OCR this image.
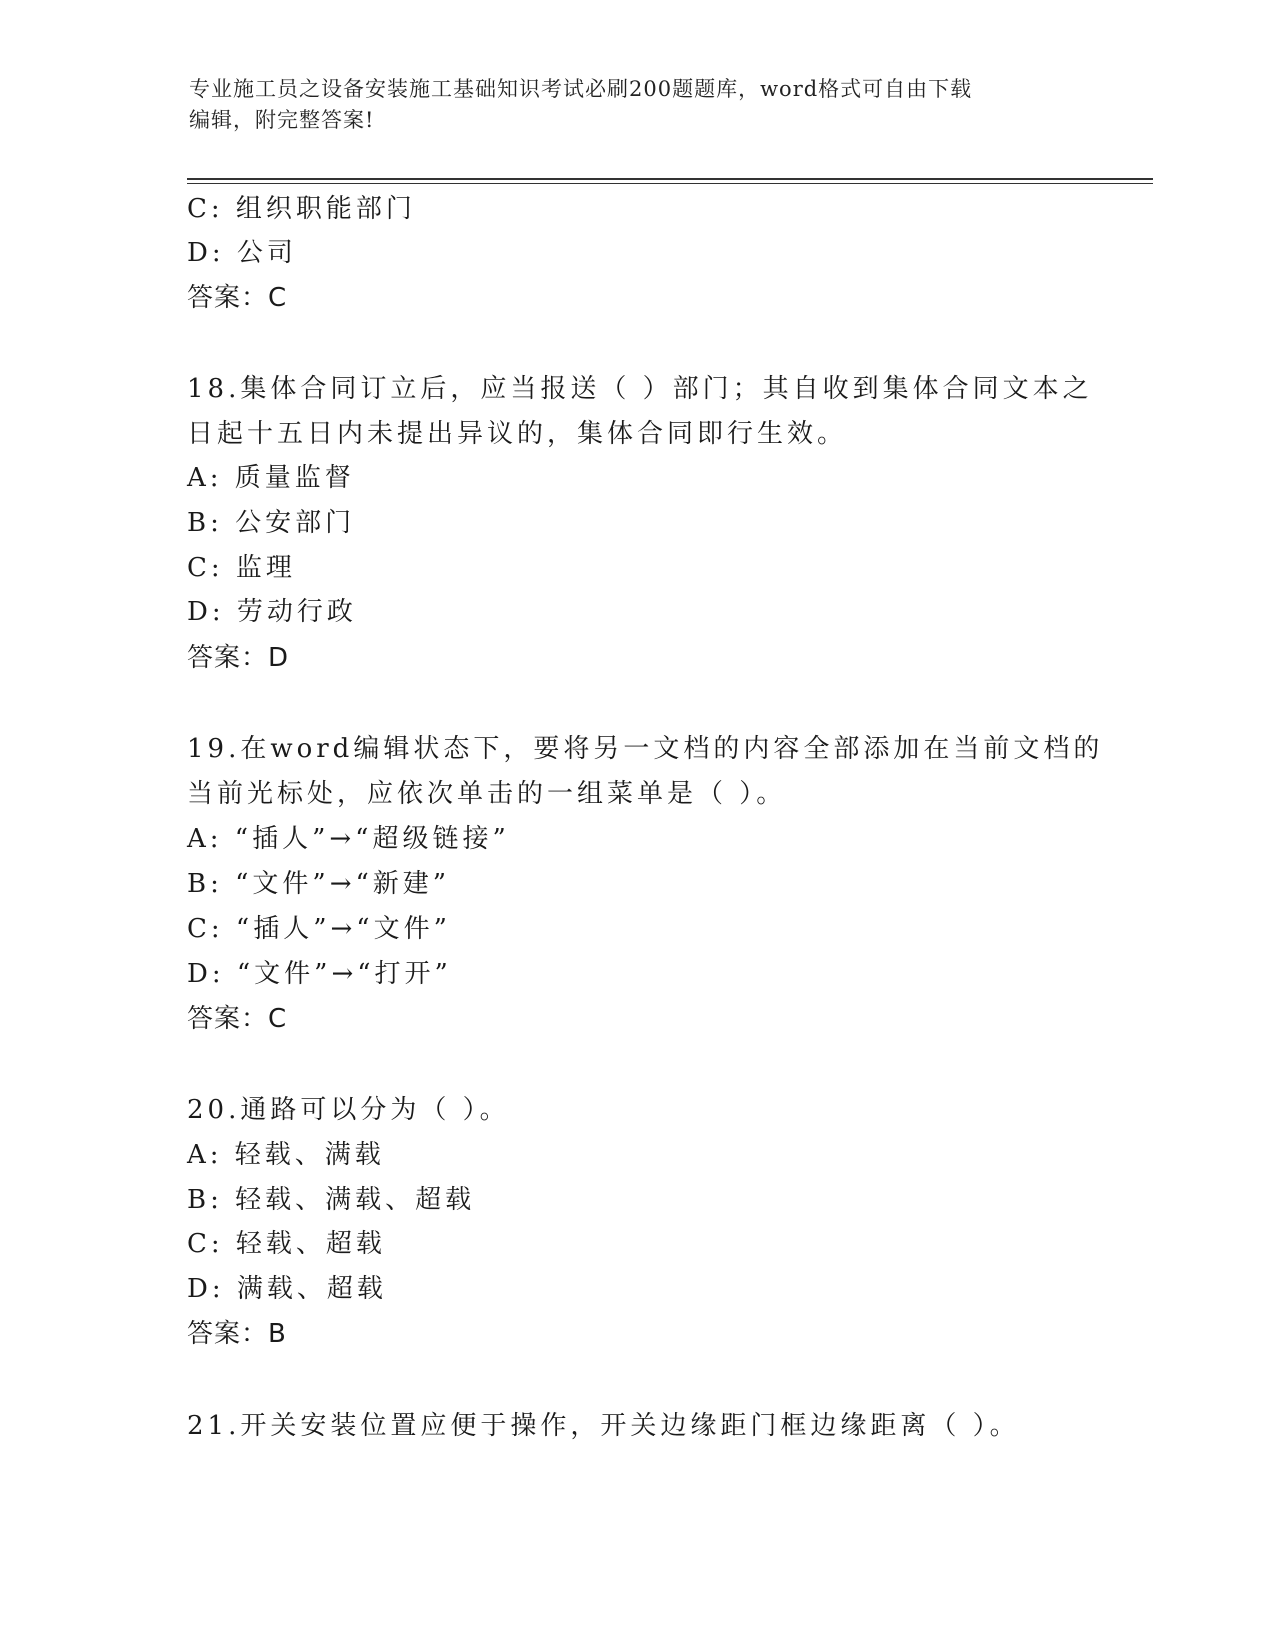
专业施工员之设备安装施工基础知识考试必刷200题题库，word格式可自由下载
编辑，附完整答案!
C: 组织职能部门
D: 公司
答案：C
18.集体合同订立后，应当报送（ ）部门；其自收到集体合同文本之
日起十五日内未提出异议的，集体合同即行生效。
A: 质量监督
B: 公安部门
C: 监理
D: 劳动行政
答案：D
19.在word编辑状态下，要将另一文档的内容全部添加在当前文档的
当前光标处，应依次单击的一组菜单是（ ）。
A: “插人”→“超级链接”
B: “文件”→“新建”
C: “插人”→“文件”
D: “文件”→“打开”
答案：C
20.通路可以分为（ ）。
A: 轻载、满载
B: 轻载、满载、超载
C: 轻载、超载
D: 满载、超载
答案：B
21.开关安装位置应便于操作，开关边缘距门框边缘距离（ ）。
